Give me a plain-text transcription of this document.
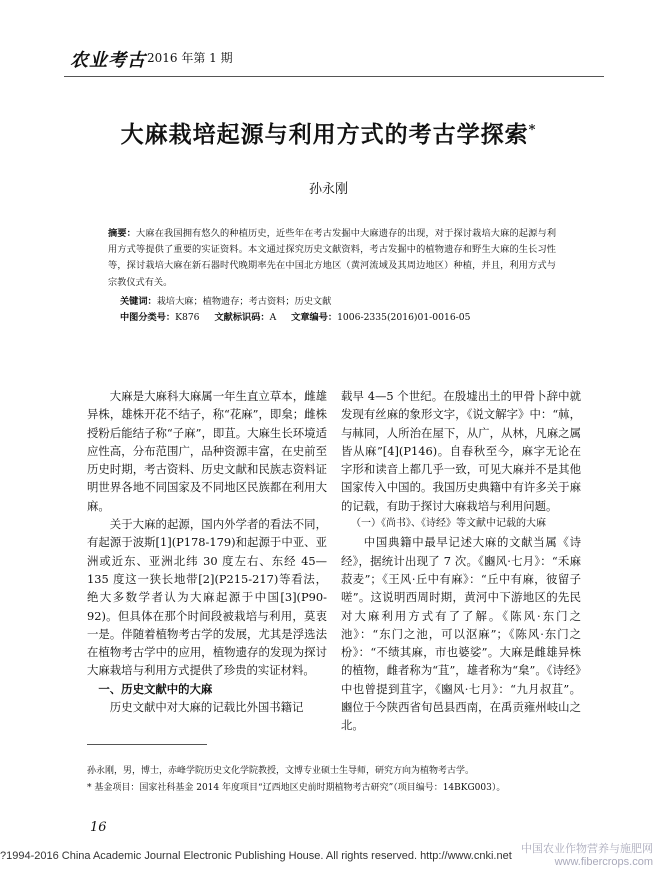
农业考古 2016 年第 1 期
大麻栽培起源与利用方式的考古学探索*
孙永刚
摘要：大麻在我国拥有悠久的种植历史，近些年在考古发掘中大麻遗存的出现，对于探讨栽培大麻的起源与利用方式等提供了重要的实证资料。本文通过探究历史文献资料，考古发掘中的植物遗存和野生大麻的生长习性等，探讨栽培大麻在新石器时代晚期率先在中国北方地区（黄河流域及其周边地区）种植，并且，利用方式与宗教仪式有关。
关键词：栽培大麻；植物遗存；考古资料；历史文献
中图分类号：K876 文献标识码：A 文章编号：1006-2335(2016)01-0016-05

大麻是大麻科大麻属一年生直立草本，雌雄异株，雄株开花不结子，称“花麻”，即枲；雌株授粉后能结子称“子麻”，即苴。大麻生长环境适应性高，分布范围广，品种资源丰富，在史前至历史时期，考古资料、历史文献和民族志资料证明世界各地不同国家及不同地区民族都在利用大麻。

关于大麻的起源，国内外学者的看法不同，有起源于波斯[1](P178-179)和起源于中亚、亚洲或近东、亚洲北纬 30 度左右、东经 45—135 度这一狭长地带[2](P215-217)等看法，绝大多数学者认为大麻起源于中国[3](P90-92)。但具体在那个时间段被栽培与利用，莫衷一是。伴随着植物考古学的发展，尤其是浮选法在植物考古学中的应用，植物遗存的发现为探讨大麻栽培与利用方式提供了珍贵的实证材料。

一、历史文献中的大麻

历史文献中对大麻的记载比外国书籍记

载早 4—5 个世纪。在殷墟出土的甲骨卜辞中就发现有丝麻的象形文字，《说文解字》中：“𣏟，与𣏟同，人所治在屋下，从广，从林，凡麻之属皆从麻”[4](P146)。自春秋至今，麻字无论在字形和读音上都几乎一致，可见大麻并不是其他国家传入中国的。我国历史典籍中有许多关于麻的记载，有助于探讨大麻栽培与利用问题。

（一）《尚书》、《诗经》等文献中记载的大麻

中国典籍中最早记述大麻的文献当属《诗经》，据统计出现了 7 次。《豳风·七月》：“禾麻菽麦”；《王风·丘中有麻》：“丘中有麻，彼留子嗟”。这说明西周时期，黄河中下游地区的先民对大麻利用方式有了了解。《陈风·东门之池》：“东门之池，可以沤麻”；《陈风·东门之枌》：“不绩其麻，市也婆娑”。大麻是雌雄异株的植物，雌者称为“苴”，雄者称为“枲”。《诗经》中也曾提到苴字，《豳风·七月》：“九月叔苴”。豳位于今陕西省旬邑县西南，在禹贡雍州岐山之北。

孙永刚，男，博士，赤峰学院历史文化学院教授，文博专业硕士生导师，研究方向为植物考古学。
* 基金项目：国家社科基金 2014 年度项目“辽西地区史前时期植物考古研究”（项目编号：14BKG003）。
16
?1994-2016 China Academic Journal Electronic Publishing House. All rights reserved. http://www.cnki.net
中国农业作物营养与施肥网
www.fibercrops.com
